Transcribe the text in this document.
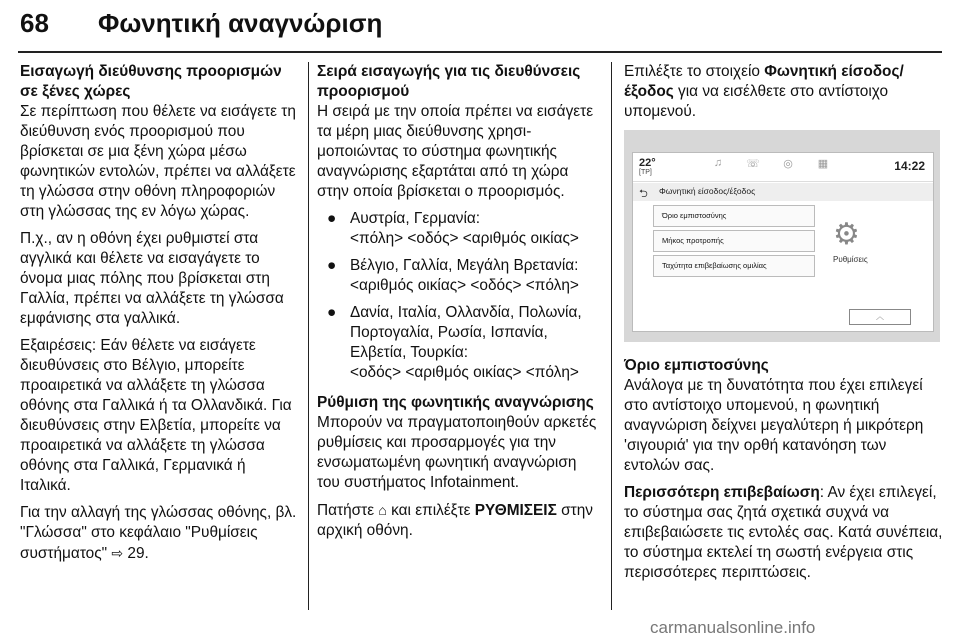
68 Φωνητική αναγνώριση
Εισαγωγή διεύθυνσης προορισμών σε ξένες χώρες

Σε περίπτωση που θέλετε να εισάγετε τη διεύθυνση ενός προορισμού που βρίσκεται σε μια ξένη χώρα μέσω φωνητικών εντολών, πρέπει να αλλάξετε τη γλώσσα στην οθόνη πληροφοριών στη γλώσσας της εν λόγω χώρας.

Π.χ., αν η οθόνη έχει ρυθμιστεί στα αγγλικά και θέλετε να εισαγάγετε το όνομα μιας πόλης που βρίσκεται στη Γαλλία, πρέπει να αλλάξετε τη γλώσσα εμφάνισης στα γαλλικά.

Εξαιρέσεις: Εάν θέλετε να εισάγετε διευθύνσεις στο Βέλγιο, μπορείτε προαιρετικά να αλλάξετε τη γλώσσα οθόνης στα Γαλλικά ή τα Ολλανδικά. Για διευθύνσεις στην Ελβετία, μπορείτε να προαιρετικά να αλλάξετε τη γλώσσα οθόνης στα Γαλλικά, Γερμανικά ή Ιταλικά.

Για την αλλαγή της γλώσσας οθόνης, βλ. "Γλώσσα" στο κεφάλαιο "Ρυθμίσεις συστήματος" ⇨ 29.

Σειρά εισαγωγής για τις διευθύνσεις προορισμού

Η σειρά με την οποία πρέπει να εισάγετε τα μέρη μιας διεύθυνσης χρησιμοποιώντας το σύστημα φωνητικής αναγνώρισης εξαρτάται από τη χώρα στην οποία βρίσκεται ο προορισμός.

● Αυστρία, Γερμανία:
<πόλη> <οδός> <αριθμός οικίας>
● Βέλγιο, Γαλλία, Μεγάλη Βρετανία:
<αριθμός οικίας> <οδός> <πόλη>
● Δανία, Ιταλία, Ολλανδία, Πολωνία, Πορτογαλία, Ρωσία, Ισπανία, Ελβετία, Τουρκία:
<οδός> <αριθμός οικίας> <πόλη>
Ρύθμιση της φωνητικής αναγνώρισης

Μπορούν να πραγματοποιηθούν αρκετές ρυθμίσεις και προσαρμογές για την ενσωματωμένη φωνητική αναγνώριση του συστήματος Infotainment.

Πατήστε ⌂ και επιλέξτε ΡΥΘΜΙΣΕΙΣ στην αρχική οθόνη.

Επιλέξτε το στοιχείο Φωνητική είσοδος/έξοδος για να εισέλθετε στο αντίστοιχο υπομενού.

22°
[TP]
♫	☏	◎	▦	14:22
⮌ Φωνητική είσοδος/έξοδος
Όριο εμπιστοσύνης
Μήκος προτροπής
Ταχύτητα επιβεβαίωσης ομιλίας
⚙
Ρυθμίσεις
︿
Όριο εμπιστοσύνης

Ανάλογα με τη δυνατότητα που έχει επιλεγεί στο αντίστοιχο υπομενού, η φωνητική αναγνώριση δείχνει μεγαλύτερη ή μικρότερη 'σιγουριά' για την ορθή κατανόηση των εντολών σας.

Περισσότερη επιβεβαίωση: Αν έχει επιλεγεί, το σύστημα σας ζητά σχετικά συχνά να επιβεβαιώσετε τις εντολές σας. Κατά συνέπεια, το σύστημα εκτελεί τη σωστή ενέργεια στις περισσότερες περιπτώσεις.

carmanualsonline.info
